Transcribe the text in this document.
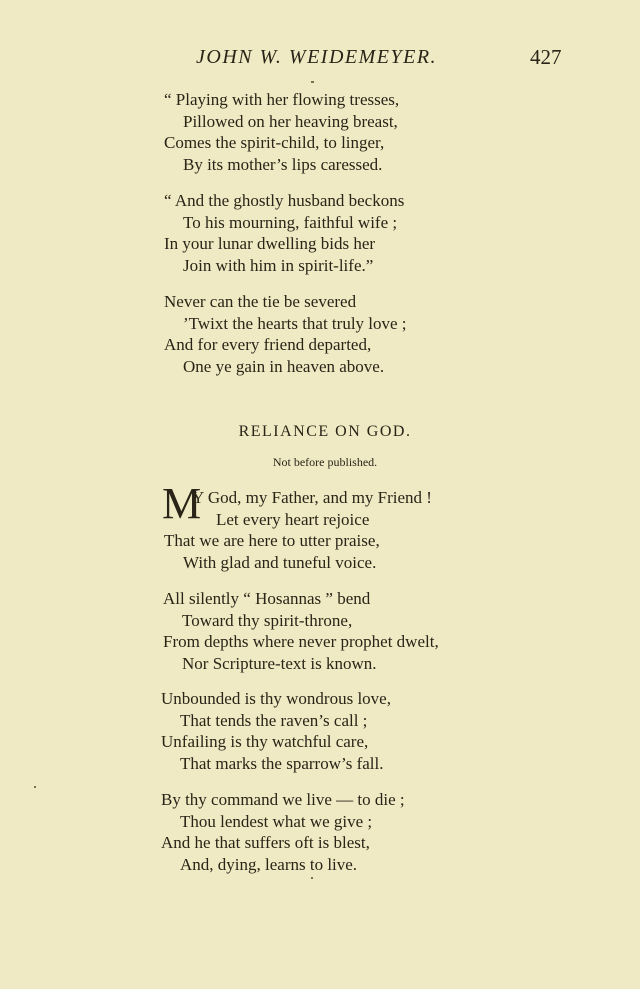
JOHN W. WEIDEMEYER.	427
“ Playing with her flowing tresses,
Pillowed on her heaving breast,
Comes the spirit-child, to linger,
By its mother’s lips caressed.
“ And the ghostly husband beckons
To his mourning, faithful wife ;
In your lunar dwelling bids her
Join with him in spirit-life.”
Never can the tie be severed
’Twixt the hearts that truly love ;
And for every friend departed,
One ye gain in heaven above.
RELIANCE ON GOD.
Not before published.
M
Y God, my Father, and my Friend !
Let every heart rejoice
That we are here to utter praise,
With glad and tuneful voice.
All silently “ Hosannas ” bend
Toward thy spirit-throne,
From depths where never prophet dwelt,
Nor Scripture-text is known.
Unbounded is thy wondrous love,
That tends the raven’s call ;
Unfailing is thy watchful care,
That marks the sparrow’s fall.
By thy command we live — to die ;
Thou lendest what we give ;
And he that suffers oft is blest,
And, dying, learns to live.
